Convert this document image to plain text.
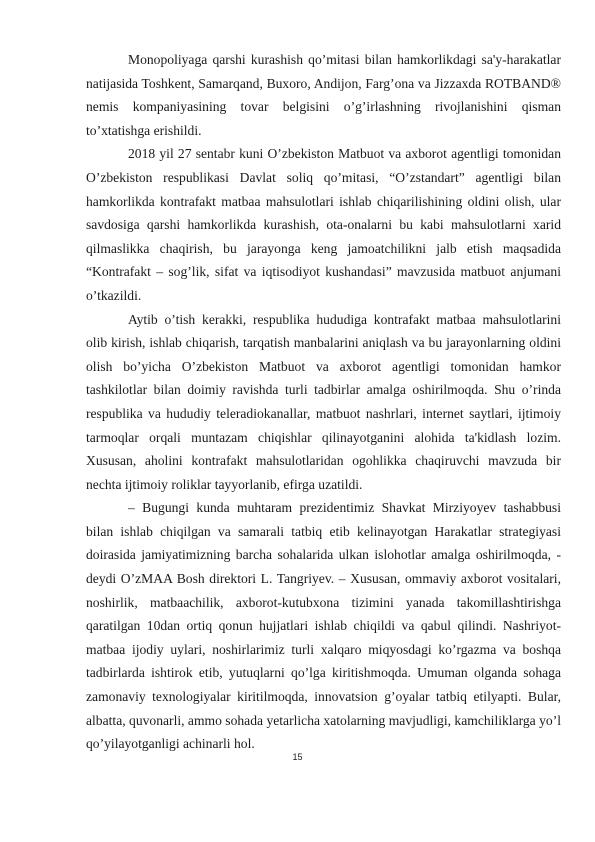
Monopoliyaga qarshi kurashish qo’mitasi bilan hamkorlikdagi sa'y-harakatlar natijasida Toshkent, Samarqand, Buxoro, Andijon, Farg’ona va Jizzaxda ROTBAND® nemis kompaniyasining tovar belgisini o’g’irlashning rivojlanishini qisman to’xtatishga erishildi.

2018 yil 27 sentabr kuni O’zbekiston Matbuot va axborot agentligi tomonidan O’zbekiston respublikasi Davlat soliq qo’mitasi, “O’zstandart” agentligi bilan hamkorlikda kontrafakt matbaa mahsulotlari ishlab chiqarilishining oldini olish, ular savdosiga qarshi hamkorlikda kurashish, ota-onalarni bu kabi mahsulotlarni xarid qilmaslikka chaqirish, bu jarayonga keng jamoatchilikni jalb etish maqsadida “Kontrafakt – sog’lik, sifat va iqtisodiyot kushandasi” mavzusida matbuot anjumani o’tkazildi.

Aytib o’tish kerakki, respublika hududiga kontrafakt matbaa mahsulotlarini olib kirish, ishlab chiqarish, tarqatish manbalarini aniqlash va bu jarayonlarning oldini olish bo’yicha O’zbekiston Matbuot va axborot agentligi tomonidan hamkor tashkilotlar bilan doimiy ravishda turli tadbirlar amalga oshirilmoqda. Shu o’rinda respublika va hududiy teleradiokanallar, matbuot nashrlari, internet saytlari, ijtimoiy tarmoqlar orqali muntazam chiqishlar qilinayotganini alohida ta'kidlash lozim. Xususan, aholini kontrafakt mahsulotlaridan ogohlikka chaqiruvchi mavzuda bir nechta ijtimoiy roliklar tayyorlanib, efirga uzatildi.

– Bugungi kunda muhtaram prezidentimiz Shavkat Mirziyoyev tashabbusi bilan ishlab chiqilgan va samarali tatbiq etib kelinayotgan Harakatlar strategiyasi doirasida jamiyatimizning barcha sohalarida ulkan islohotlar amalga oshirilmoqda, - deydi O’zMAA Bosh direktori L. Tangriyev. – Xususan, ommaviy axborot vositalari, noshirlik, matbaachilik, axborot-kutubxona tizimini yanada takomillashtirishga qaratilgan 10dan ortiq qonun hujjatlari ishlab chiqildi va qabul qilindi. Nashriyot-matbaa ijodiy uylari, noshirlarimiz turli xalqaro miqyosdagi ko’rgazma va boshqa tadbirlarda ishtirok etib, yutuqlarni qo’lga kiritishmoqda. Umuman olganda sohaga zamonaviy texnologiyalar kiritilmoqda, innovatsion g’oyalar tatbiq etilyapti. Bular, albatta, quvonarli, ammo sohada yetarlicha xatolarning mavjudligi, kamchiliklarga yo’l qo’yilayotganligi achinarli hol.

15
